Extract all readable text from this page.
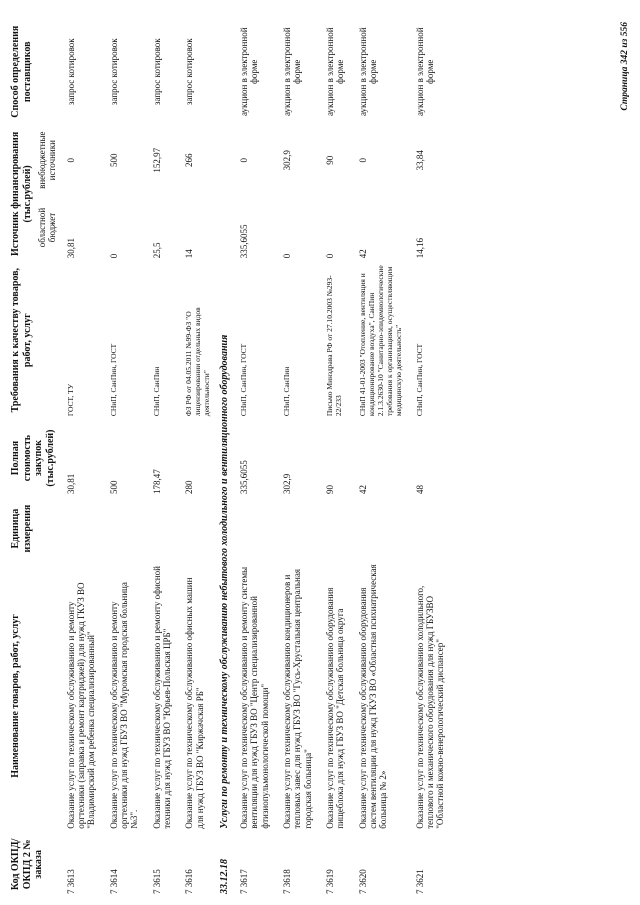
Код ОКПД/ ОКПД 2 № заказа	Наименование товаров, работ, услуг	Единица измерения	Полная стоимость закупок (тыс.рублей)	Требования к качеству товаров, работ, услуг	Источник финансирования (тыс.рублей)		Способ определения поставщиков
					областной бюджет	внебюджетные источники	
7 3613	Оказание услуг по техническому обслуживанию и ремонту оргтехники (заправка и ремонт картриджей) для нужд ГКУЗ ВО "Владимирский дом ребенка специализированный"		30,81	ГОСТ, ТУ	30,81	0	запрос котировок
7 3614	Оказание услуг по техническому обслуживанию и ремонту оргтехники для нужд ГБУЗ ВО "Муромская городская больница №3".		500	СНиП, СанПин, ГОСТ	0	500	запрос котировок
7 3615	Оказание услуг по техническому обслуживанию и ремонту офисной техники для нужд ГБУЗ ВО "Юрьев-Польская ЦРБ"		178,47	СНиП, СанПин	25,5	152,97	запрос котировок
7 3616	Оказание услуг по техническому обслуживанию офисных машин для нужд ГБУЗ ВО "Киржачская РБ"		280	ФЗ РФ от 04.05.2011 №99-ФЗ "О лицензировании отдельных видов деятельности"	14	266	запрос котировок
33.12.18	Услуги по ремонту и техническому обслуживанию небытового холодильного и вентиляционного оборудования						
7 3617	Оказание услуг по техническому обслуживанию и ремонту системы вентиляции для нужд ГБУЗ ВО "Центр специализированной фтизиопульмонологической помощи"		335,6055	СНиП, СанПин, ГОСТ	335,6055	0	аукцион в электронной форме
7 3618	Оказание услуг по техническому обслуживанию кондиционеров и тепловых завес для нужд ГБУЗ ВО "Гусь-Хрустальная центральная городская больница"		302,9	СНиП, СанПин	0	302,9	аукцион в электронной форме
7 3619	Оказание услуг по техническому обслуживанию оборудования пищеблока для нужд ГБУЗ ВО "Детская больница округа		90	Письмо Минздрава РФ от 27.10.2003 №293-22/233	0	90	аукцион в электронной форме
7 3620	Оказание услуг по техническому обслуживанию оборудования систем вентиляции для нужд ГКУЗ ВО «Областная психиатрическая больница № 2»		42	СНиП 41-01-2003 "Отопление, вентиляция и кондиционирование воздуха", СанПин 2.1.3.2630-10 "Санитарно-эпидемиологические требования к организациям, осуществляющим медицинскую деятельность"	42	0	аукцион в электронной форме
7 3621	Оказание услуг по техническому обслуживанию холодильного, теплового и механического оборудования для нужд ГБУЗВО "Областной кожно-венерологический диспансер"		48	СНиП, СанПин, ГОСТ	14,16	33,84	аукцион в электронной форме	Страница 342 из 556
